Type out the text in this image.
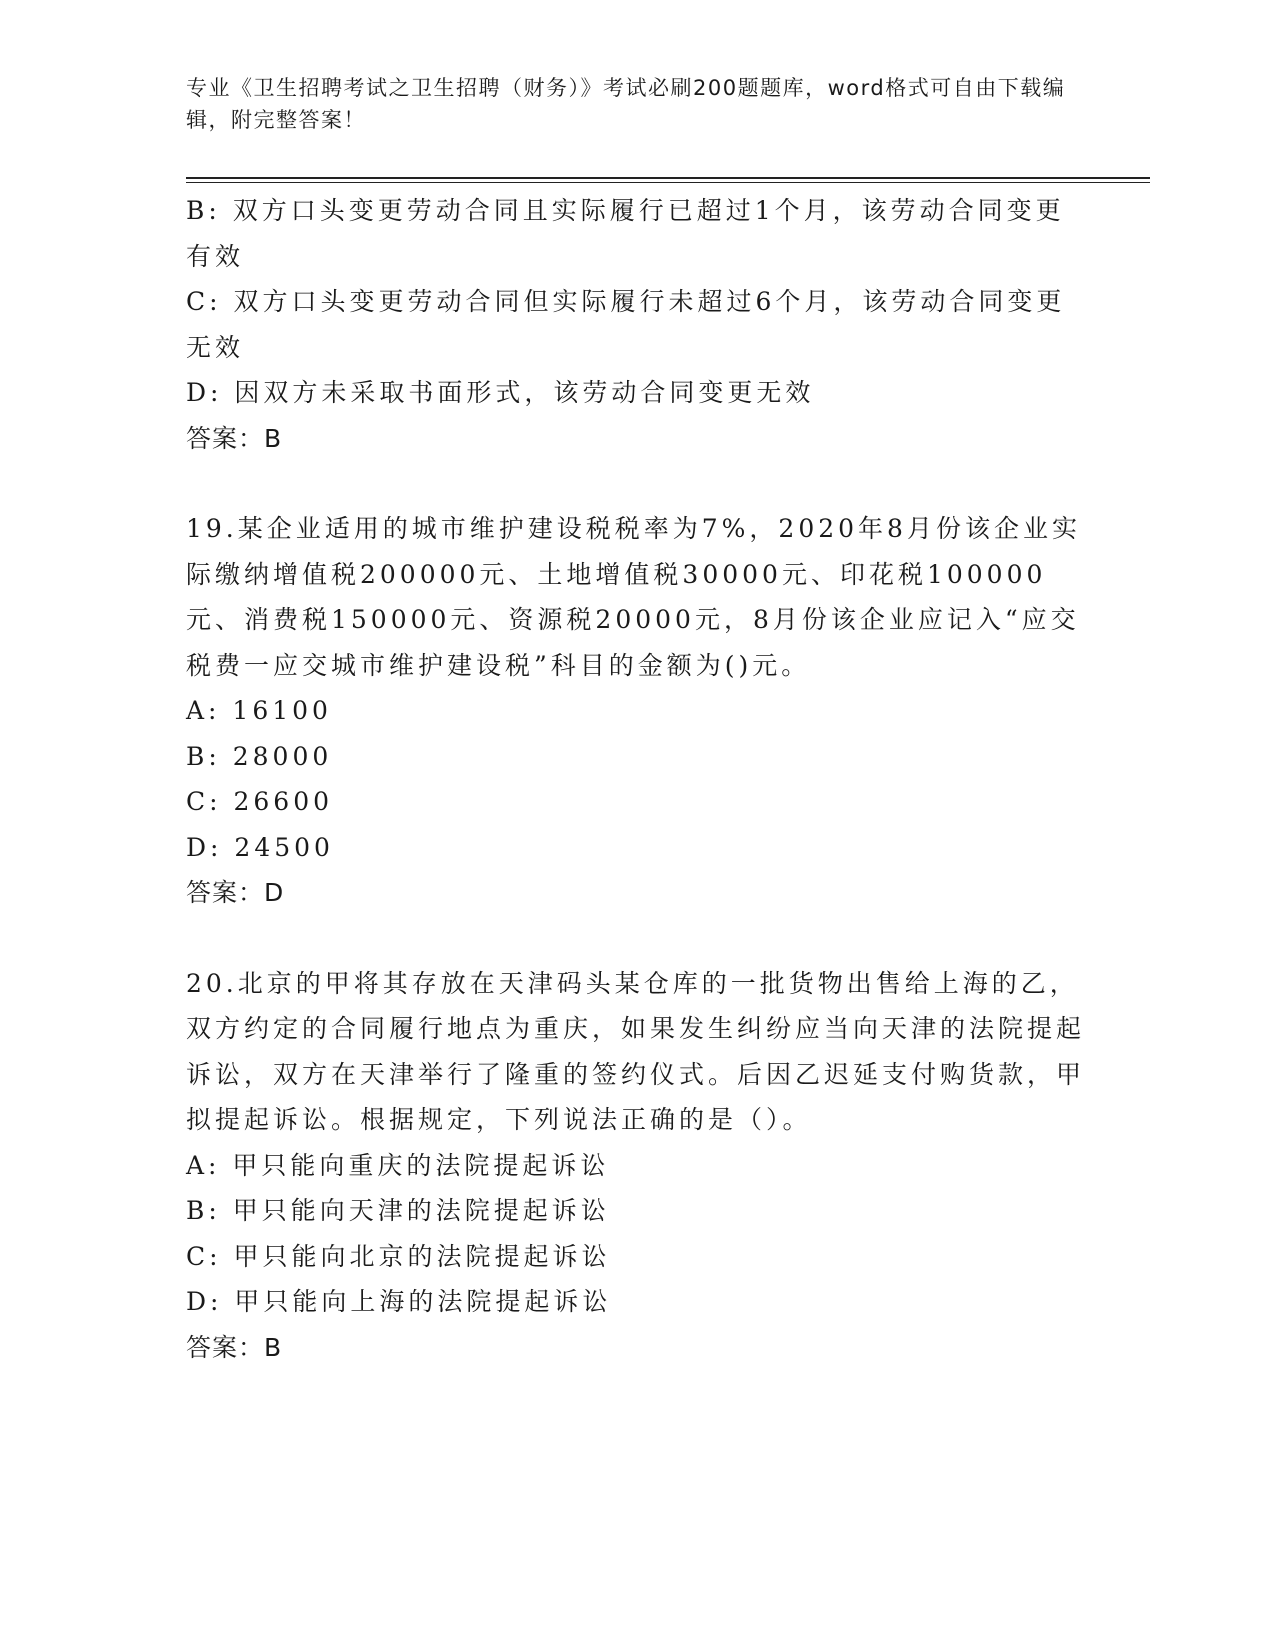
专业《卫生招聘考试之卫生招聘（财务）》考试必刷200题题库，word格式可自由下载编辑，附完整答案！

B: 双方口头变更劳动合同且实际履行已超过1个月，该劳动合同变更有效

C: 双方口头变更劳动合同但实际履行未超过6个月，该劳动合同变更无效

D: 因双方未采取书面形式，该劳动合同变更无效

答案：B

19.某企业适用的城市维护建设税税率为7%，2020年8月份该企业实际缴纳增值税200000元、土地增值税30000元、印花税100000元、消费税150000元、资源税20000元，8月份该企业应记入“应交税费一应交城市维护建设税”科目的金额为()元。

A: 16100

B: 28000

C: 26600

D: 24500

答案：D

20.北京的甲将其存放在天津码头某仓库的一批货物出售给上海的乙，双方约定的合同履行地点为重庆，如果发生纠纷应当向天津的法院提起诉讼，双方在天津举行了隆重的签约仪式。后因乙迟延支付购货款，甲拟提起诉讼。根据规定，下列说法正确的是（）。

A: 甲只能向重庆的法院提起诉讼

B: 甲只能向天津的法院提起诉讼

C: 甲只能向北京的法院提起诉讼

D: 甲只能向上海的法院提起诉讼

答案：B
